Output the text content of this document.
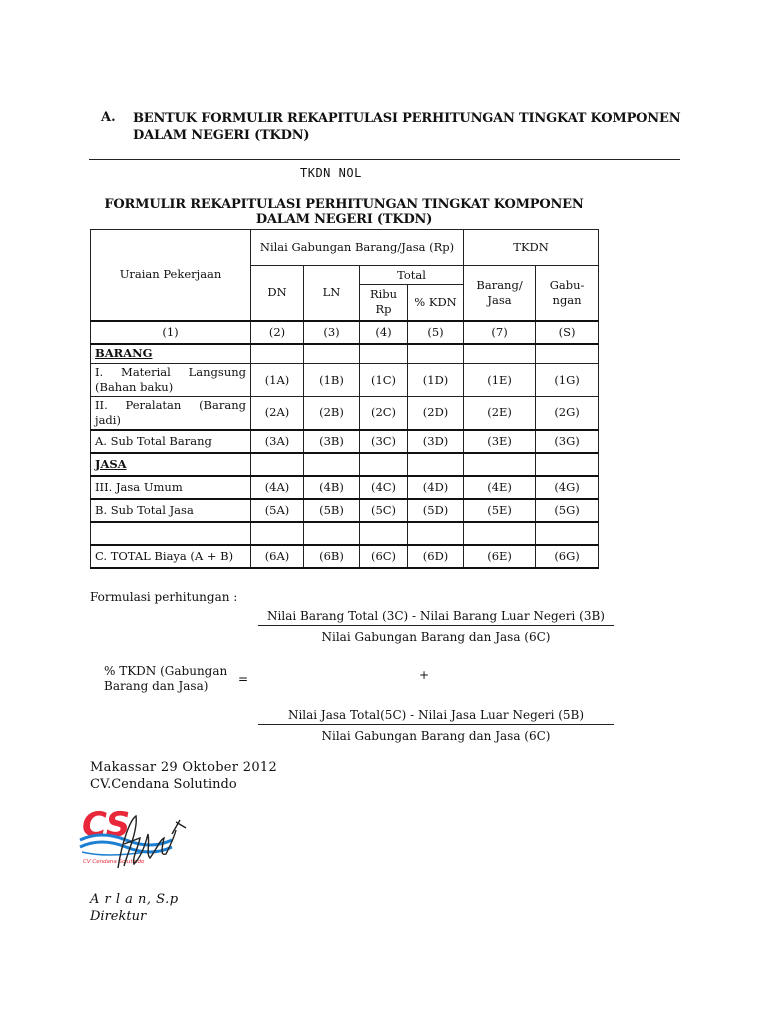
A. BENTUK FORMULIR REKAPITULASI PERHITUNGAN TINGKAT KOMPONEN DALAM NEGERI (TKDN)
TKDN NOL
FORMULIR REKAPITULASI PERHITUNGAN TINGKAT KOMPONEN DALAM NEGERI (TKDN)
Uraian Pekerjaan	Nilai Gabungan Barang/Jasa (Rp)				TKDN	
	DN	LN	Total		Barang/ Jasa	Gabu- ngan
			Ribu Rp	% KDN		
(1)	(2)	(3)	(4)	(5)	(7)	(S)
BARANG						
I. Material Langsung (Bahan baku)	(1A)	(1B)	(1C)	(1D)	(1E)	(1G)
II. Peralatan (Barang jadi)	(2A)	(2B)	(2C)	(2D)	(2E)	(2G)
A. Sub Total Barang	(3A)	(3B)	(3C)	(3D)	(3E)	(3G)
JASA						
III. Jasa Umum	(4A)	(4B)	(4C)	(4D)	(4E)	(4G)
B. Sub Total Jasa	(5A)	(5B)	(5C)	(5D)	(5E)	(5G)

C. TOTAL Biaya (A + B)	(6A)	(6B)	(6C)	(6D)	(6E)	(6G)
Formulasi perhitungan :
Nilai Barang Total (3C) - Nilai Barang Luar Negeri (3B)
Nilai Gabungan Barang dan Jasa (6C)
% TKDN (Gabungan Barang dan Jasa)	=	+
Nilai Jasa Total(5C) - Nilai Jasa Luar Negeri (5B)
Nilai Gabungan Barang dan Jasa (6C)
Makassar 29 Oktober 2012
CV.Cendana Solutindo
CS
CV Cendana Solutindo
A r l a n, S.p
Direktur
